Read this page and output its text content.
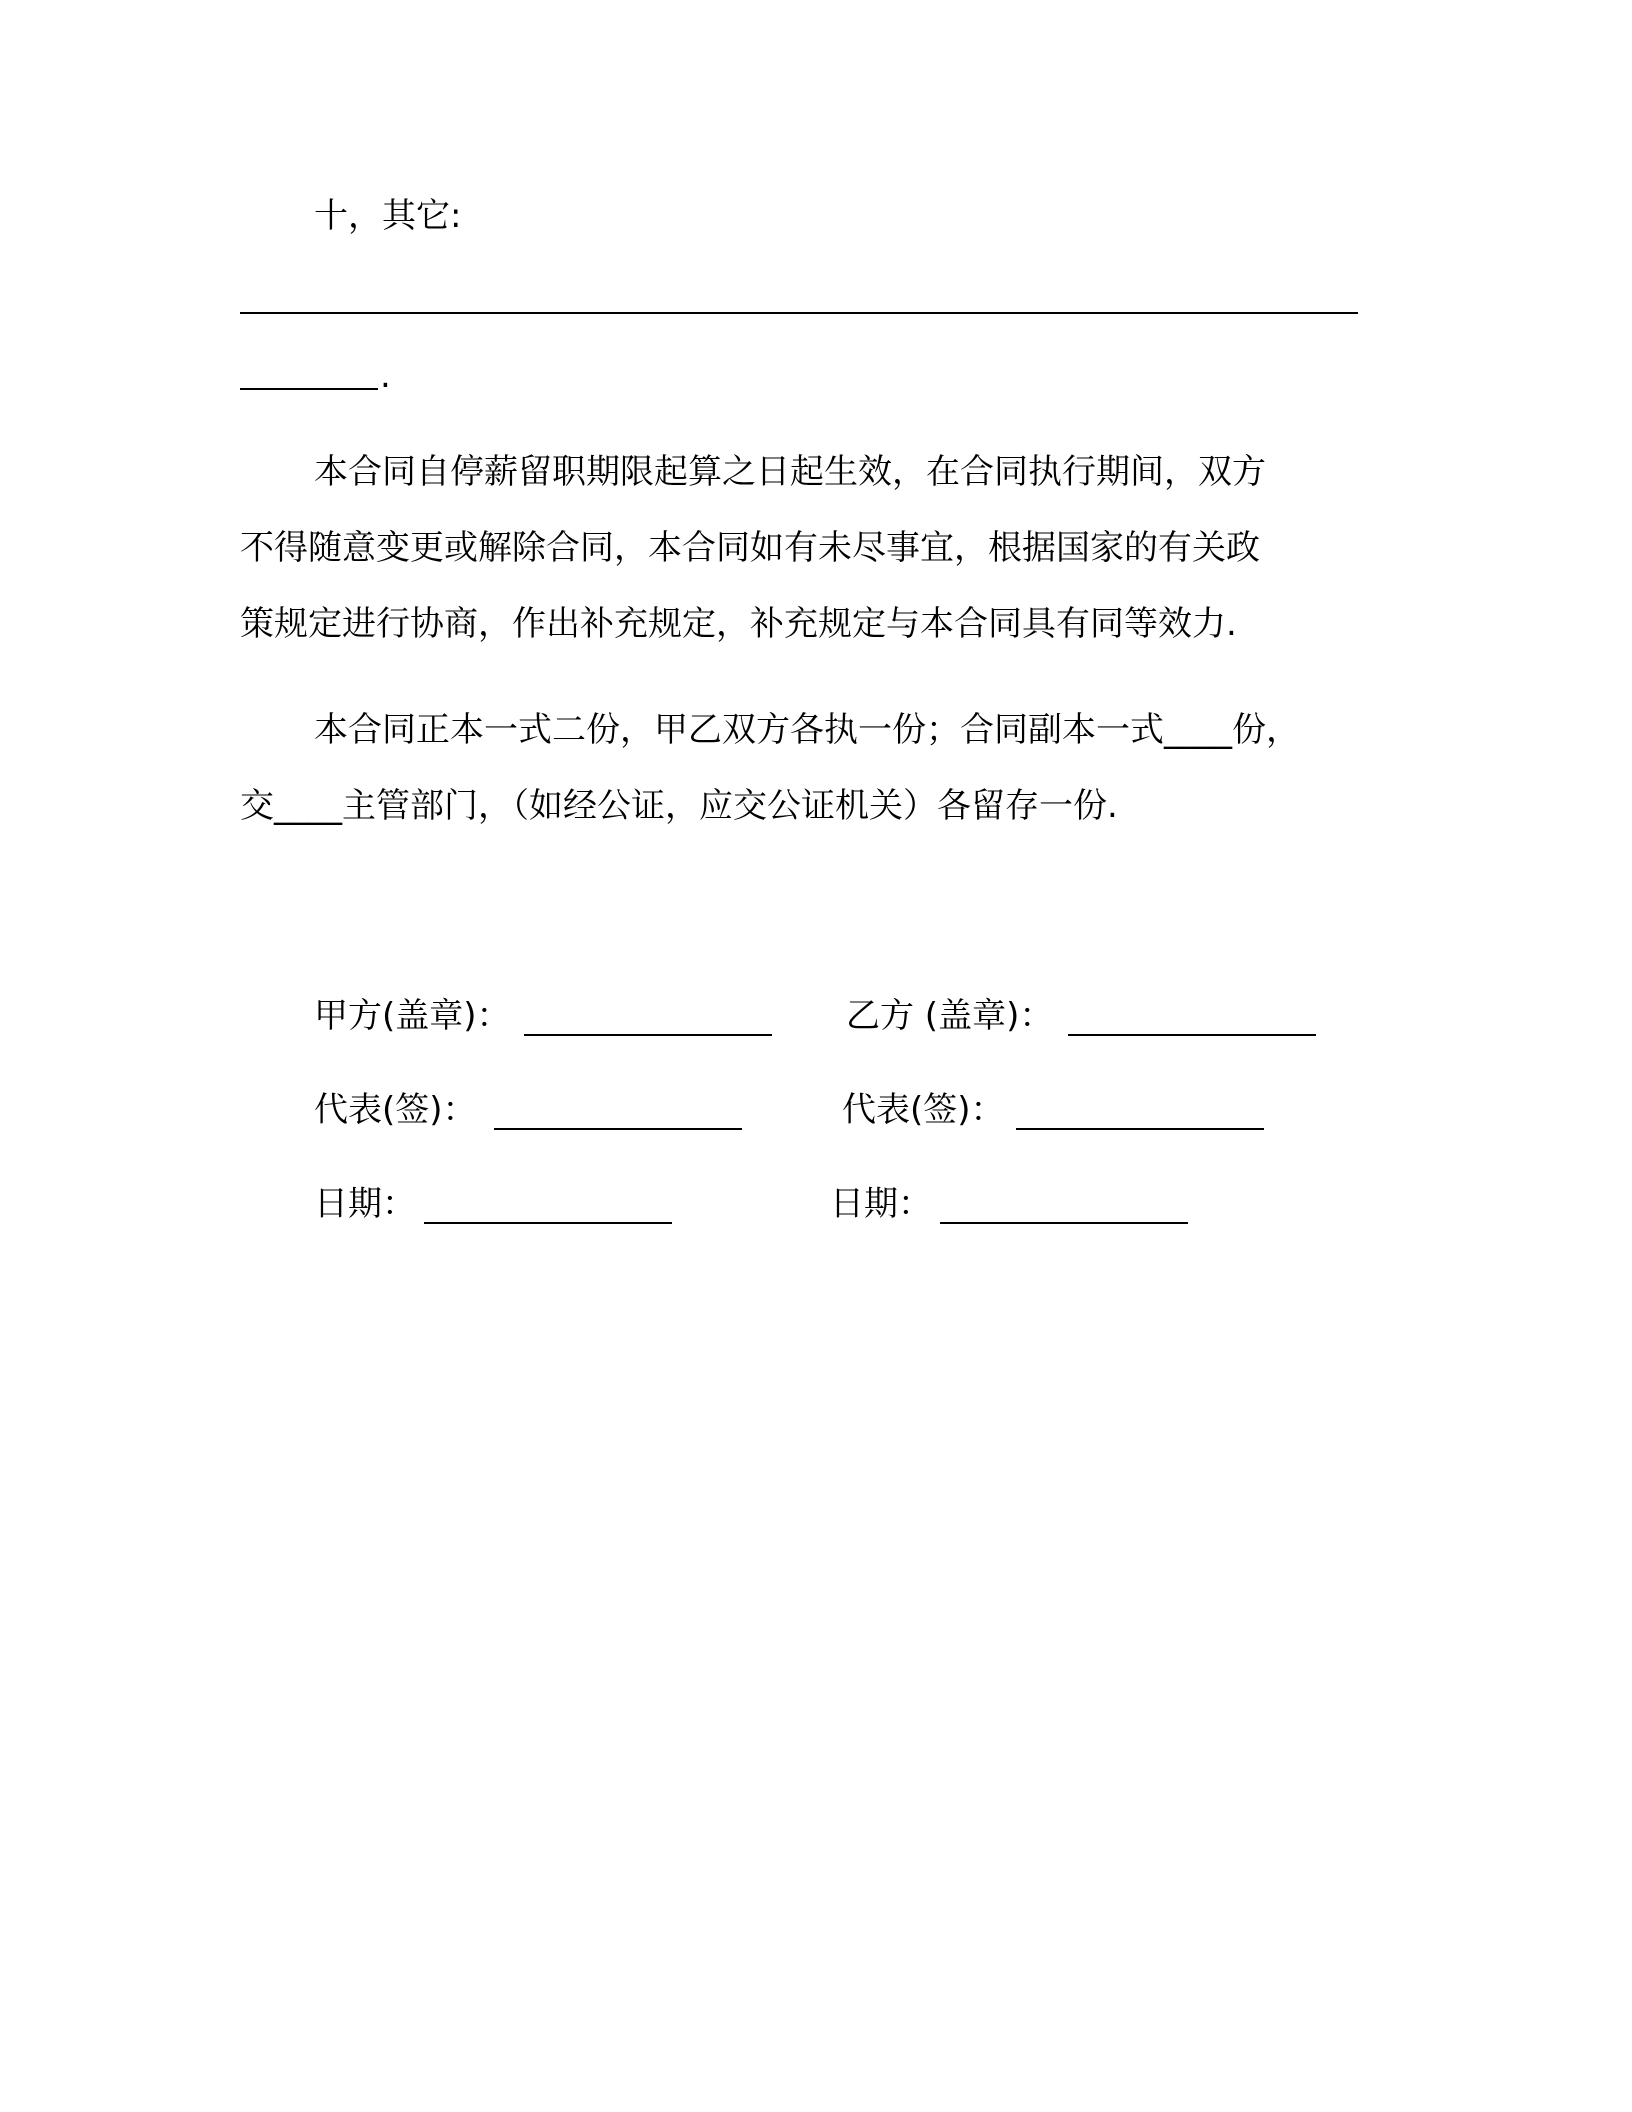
十，其它:
.
本合同自停薪留职期限起算之日起生效，在合同执行期间，双方
不得随意变更或解除合同，本合同如有未尽事宜，根据国家的有关政
策规定进行协商，作出补充规定，补充规定与本合同具有同等效力.
本合同正本一式二份，甲乙双方各执一份；合同副本一式____份，
交____主管部门，（如经公证，应交公证机关）各留存一份.
甲方(盖章)：	乙方 (盖章)：
代表(签)：	代表(签)：
日期：	日期：
